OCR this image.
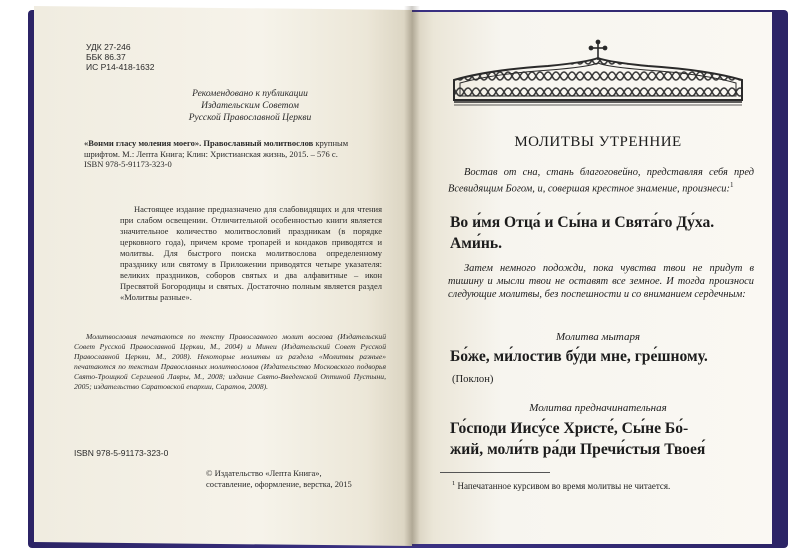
УДК 27-246
ББК 86.37
ИС Р14-418-1632
Рекомендовано к публикации
Издательским Советом
Русской Православной Церкви
«Вонми гласу моления моего». Православный молитвослов крупным шрифтом. М.: Лепта Книга; Клин: Христианская жизнь, 2015. – 576 с.
ISBN 978-5-91173-323-0
Настоящее издание предназначено для слабовидящих и для чтения при слабом освещении. Отличительной особенностью книги является значительное количество молитвословий праздникам (в порядке церковного года), причем кроме тропарей и кондаков приводятся и молитвы. Для быстрого поиска молитвослова определенному празднику или святому в Приложении приводятся четыре указателя: великих праздников, соборов святых и два алфавитные – икон Пресвятой Богородицы и святых. Достаточно полным является раздел «Молитвы разные».
Молитвословия печатаются по тексту Православного молит вослова (Издательский Совет Русской Православной Церкви, М., 2004) и Минеи (Издательский Совет Русской Православной Церкви, М., 2008). Некоторые молитвы из раздела «Молитвы разные» печатаются по текстам Православных молитвословов (Издательство Московского подворья Свято-Троицкой Сергиевой Лавры, М., 2008; издание Свято-Введенской Оптиной Пустыни, 2005; издательство Саратовской епархии, Саратов, 2008).
ISBN 978-5-91173-323-0
© Издательство «Лепта Книга»,
составление, оформление, верстка, 2015
МОЛИТВЫ УТРЕННИЕ
Востав от сна, стань благоговейно, представляя себя пред Всевидящим Богом, и, совершая крестное знамение, произнеси:$^1$
Во и́мя Отца́ и Сы́на и Свята́го Ду́ха.
Ами́нь.
Затем немного подожди, пока чувства твои не придут в тишину и мысли твои не оставят все земное. И тогда произноси следующие молитвы, без поспешности и со вниманием сердечным:
Молитва мытаря
Бо́же, ми́лостив бу́ди мне, гре́шному.
(Поклон)
Молитва предначинательная
Го́споди Иису́се Христе́, Сы́не Бо́-
жий, моли́тв ра́ди Пречи́стыя Твоея́
$^1$ Напечатанное курсивом во время молитвы не читается.
